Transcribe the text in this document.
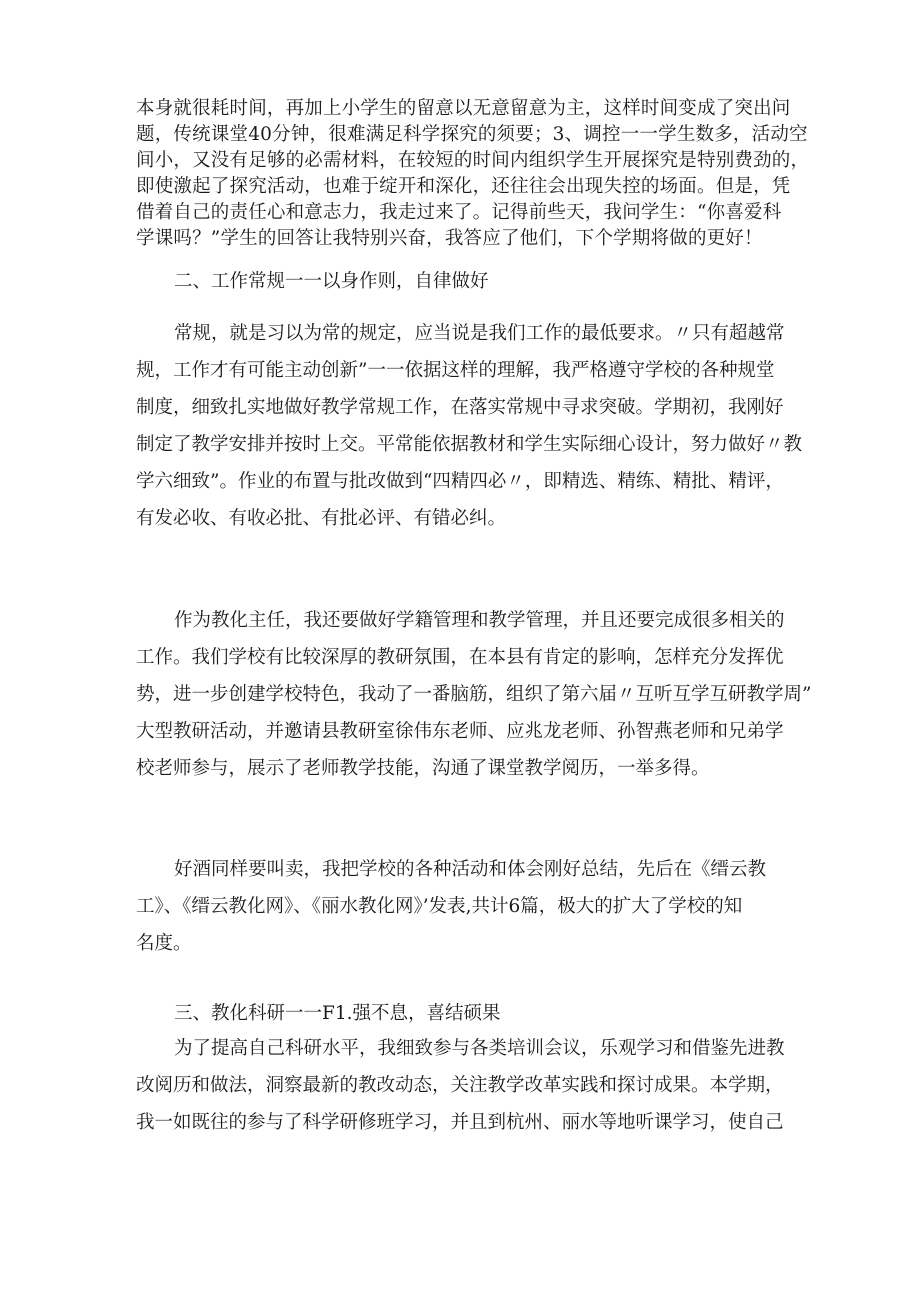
本身就很耗时间，再加上小学生的留意以无意留意为主，这样时间变成了突出问
题，传统课堂40分钟，很难满足科学探究的须要；3、调控一一学生数多，活动空
间小，又没有足够的必需材料，在较短的时间内组织学生开展探究是特别费劲的，
即使激起了探究活动，也难于绽开和深化，还往往会出现失控的场面。但是，凭
借着自己的责任心和意志力，我走过来了。记得前些天，我问学生：“你喜爱科
学课吗？”学生的回答让我特别兴奋，我答应了他们，下个学期将做的更好！
二、工作常规一一以身作则，自律做好
常规，就是习以为常的规定，应当说是我们工作的最低要求。〃只有超越常
规，工作才有可能主动创新”一一依据这样的理解，我严格遵守学校的各种规堂
制度，细致扎实地做好教学常规工作，在落实常规中寻求突破。学期初，我刚好
制定了教学安排并按时上交。平常能依据教材和学生实际细心设计，努力做好〃教
学六细致”。作业的布置与批改做到“四精四必〃，即精选、精练、精批、精评，
有发必收、有收必批、有批必评、有错必纠。
作为教化主任，我还要做好学籍管理和教学管理，并且还要完成很多相关的
工作。我们学校有比较深厚的教研氛围，在本县有肯定的影响，怎样充分发挥优
势，进一步创建学校特色，我动了一番脑筋，组织了第六届〃互听互学互研教学周”
大型教研活动，并邀请县教研室徐伟东老师、应兆龙老师、孙智燕老师和兄弟学
校老师参与，展示了老师教学技能，沟通了课堂教学阅历，一举多得。
好酒同样要叫卖，我把学校的各种活动和体会刚好总结，先后在《缙云教
工》、《缙云教化网》、《丽水教化网》’发表,共计6篇，极大的扩大了学校的知
名度。
三、教化科研一一F1.强不息，喜结硕果
为了提高自己科研水平，我细致参与各类培训会议，乐观学习和借鉴先进教
改阅历和做法，洞察最新的教改动态，关注教学改革实践和探讨成果。本学期，
我一如既往的参与了科学研修班学习，并且到杭州、丽水等地听课学习，使自己
